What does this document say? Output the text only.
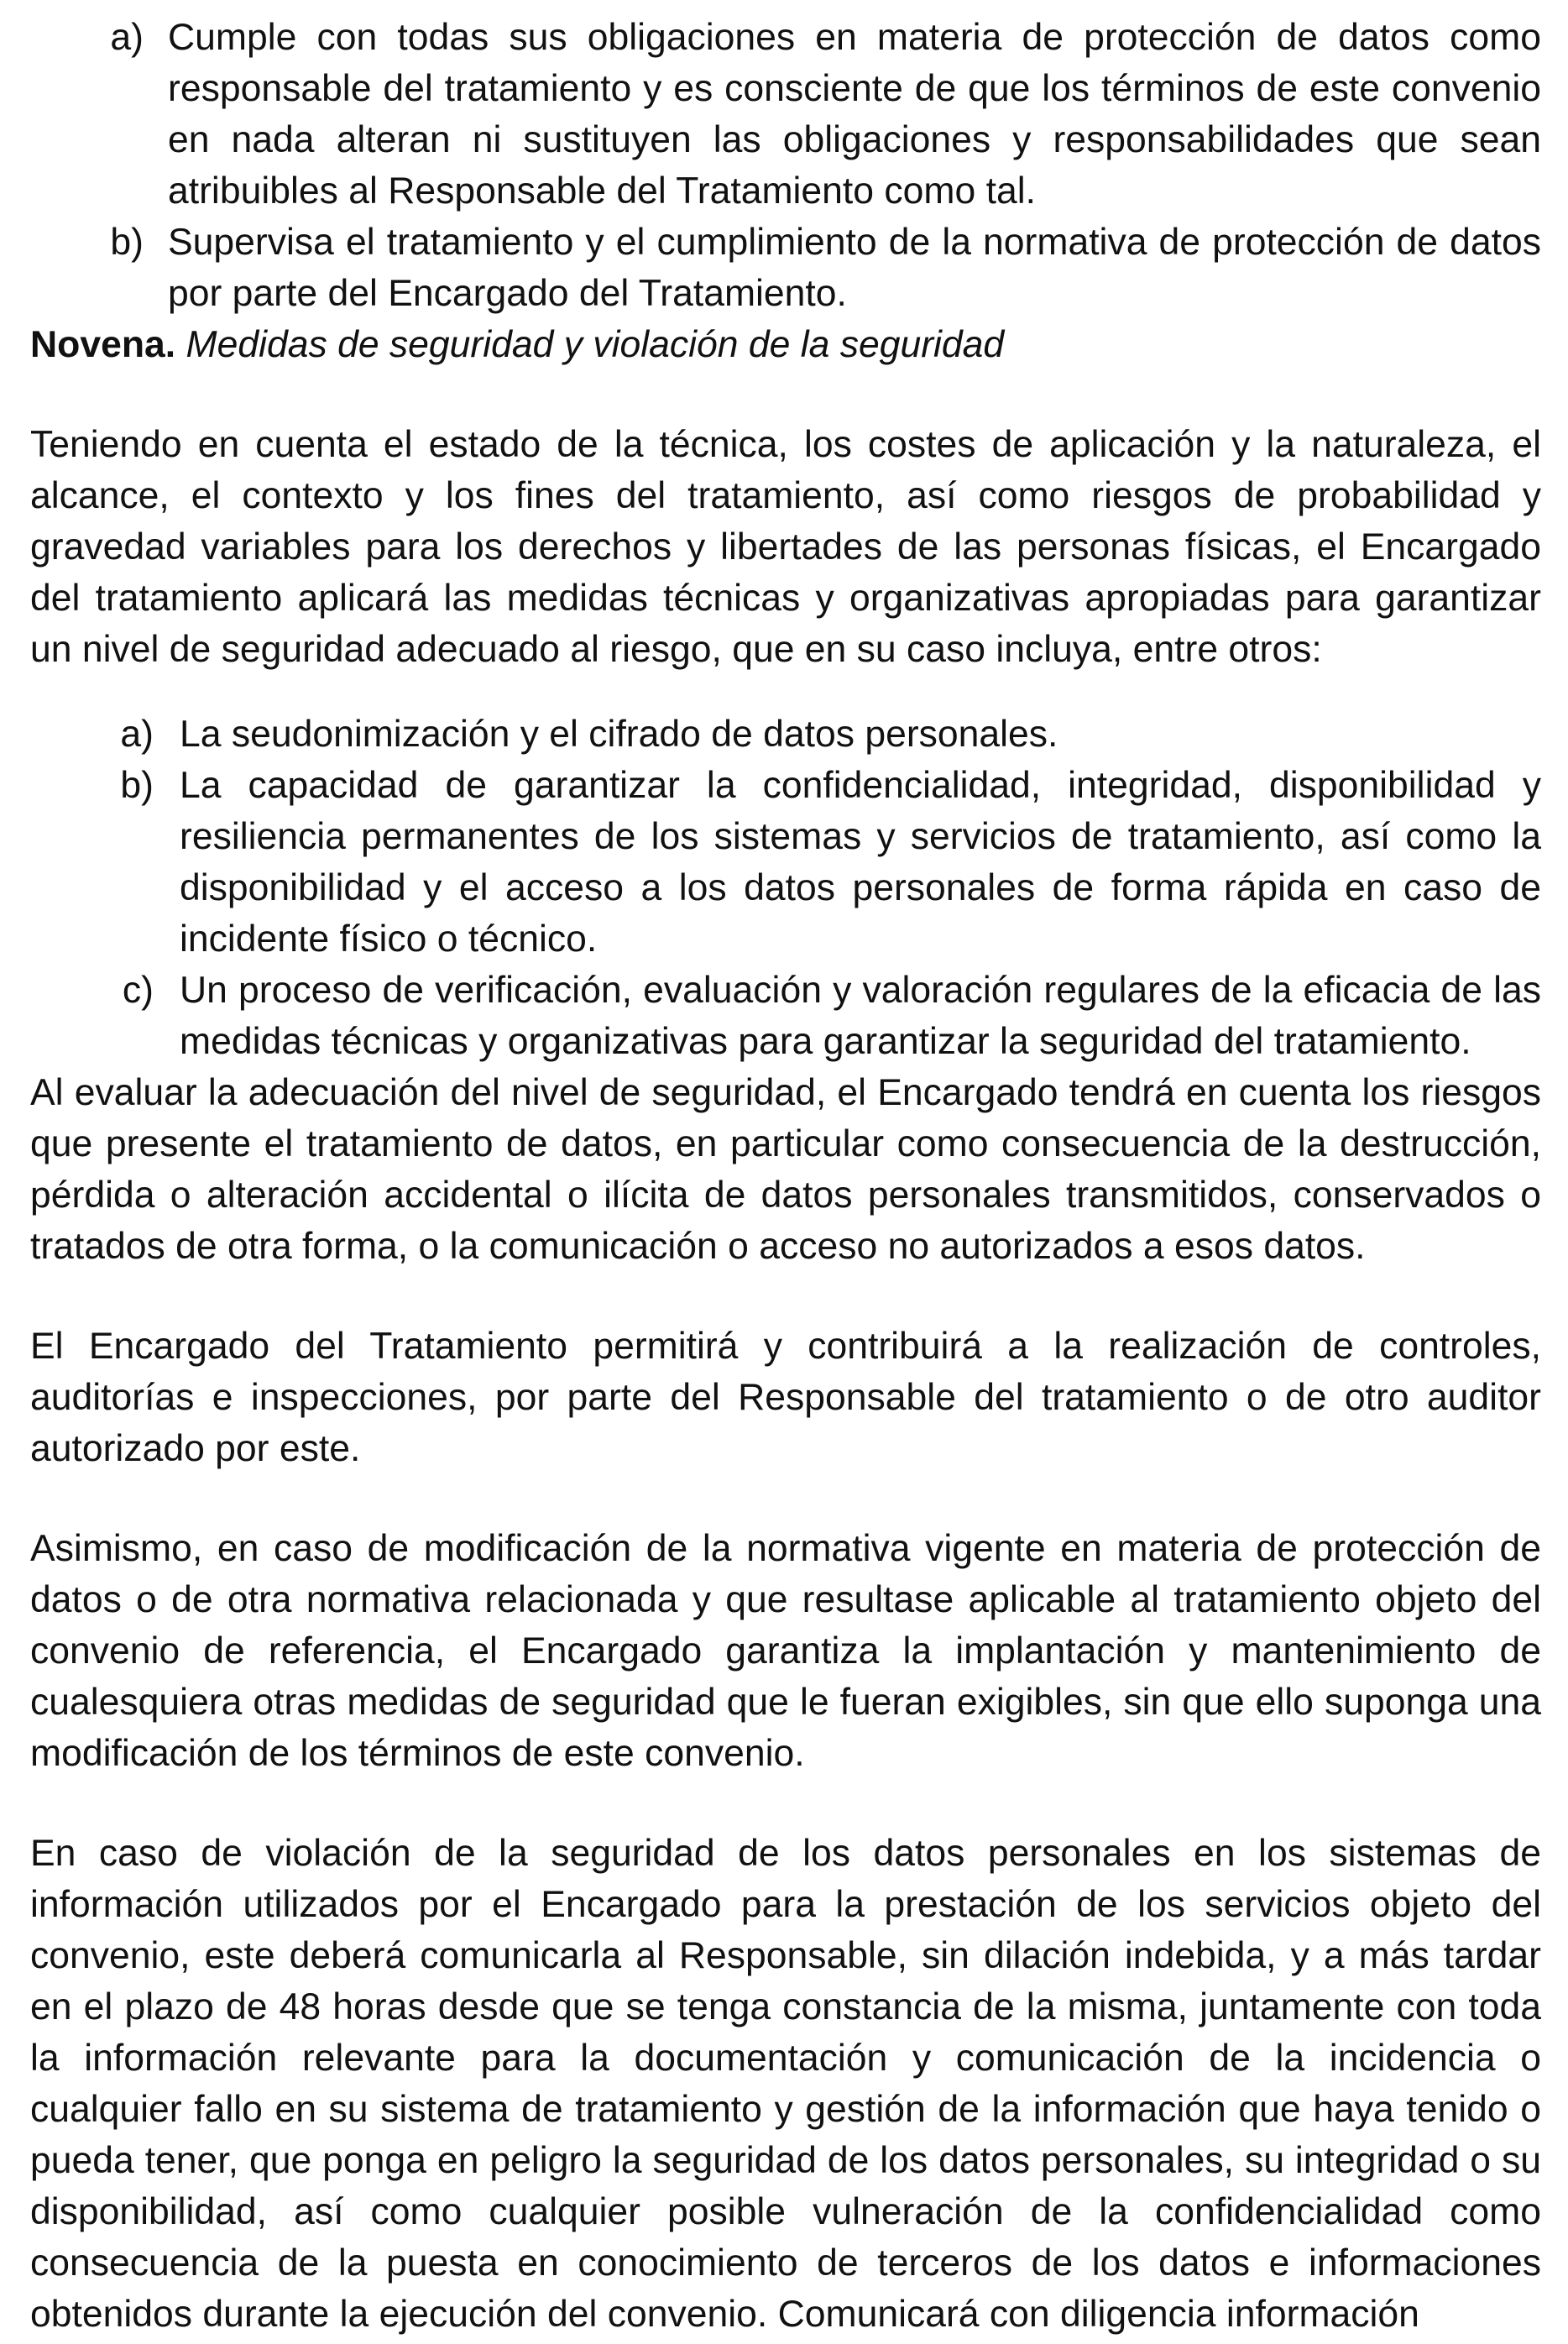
a) Cumple con todas sus obligaciones en materia de protección de datos como responsable del tratamiento y es consciente de que los términos de este convenio en nada alteran ni sustituyen las obligaciones y responsabilidades que sean atribuibles al Responsable del Tratamiento como tal.
b) Supervisa el tratamiento y el cumplimiento de la normativa de protección de datos por parte del Encargado del Tratamiento.
Novena. Medidas de seguridad y violación de la seguridad

Teniendo en cuenta el estado de la técnica, los costes de aplicación y la naturaleza, el alcance, el contexto y los fines del tratamiento, así como riesgos de probabilidad y gravedad variables para los derechos y libertades de las personas físicas, el Encargado del tratamiento aplicará las medidas técnicas y organizativas apropiadas para garantizar un nivel de seguridad adecuado al riesgo, que en su caso incluya, entre otros:

a) La seudonimización y el cifrado de datos personales.
b) La capacidad de garantizar la confidencialidad, integridad, disponibilidad y resiliencia permanentes de los sistemas y servicios de tratamiento, así como la disponibilidad y el acceso a los datos personales de forma rápida en caso de incidente físico o técnico.
c) Un proceso de verificación, evaluación y valoración regulares de la eficacia de las medidas técnicas y organizativas para garantizar la seguridad del tratamiento.

Al evaluar la adecuación del nivel de seguridad, el Encargado tendrá en cuenta los riesgos que presente el tratamiento de datos, en particular como consecuencia de la destrucción, pérdida o alteración accidental o ilícita de datos personales transmitidos, conservados o tratados de otra forma, o la comunicación o acceso no autorizados a esos datos.

El Encargado del Tratamiento permitirá y contribuirá a la realización de controles, auditorías e inspecciones, por parte del Responsable del tratamiento o de otro auditor autorizado por este.

Asimismo, en caso de modificación de la normativa vigente en materia de protección de datos o de otra normativa relacionada y que resultase aplicable al tratamiento objeto del convenio de referencia, el Encargado garantiza la implantación y mantenimiento de cualesquiera otras medidas de seguridad que le fueran exigibles, sin que ello suponga una modificación de los términos de este convenio.

En caso de violación de la seguridad de los datos personales en los sistemas de información utilizados por el Encargado para la prestación de los servicios objeto del convenio, este deberá comunicarla al Responsable, sin dilación indebida, y a más tardar en el plazo de 48 horas desde que se tenga constancia de la misma, juntamente con toda la información relevante para la documentación y comunicación de la incidencia o cualquier fallo en su sistema de tratamiento y gestión de la información que haya tenido o pueda tener, que ponga en peligro la seguridad de los datos personales, su integridad o su disponibilidad, así como cualquier posible vulneración de la confidencialidad como consecuencia de la puesta en conocimiento de terceros de los datos e informaciones obtenidos durante la ejecución del convenio. Comunicará con diligencia información
